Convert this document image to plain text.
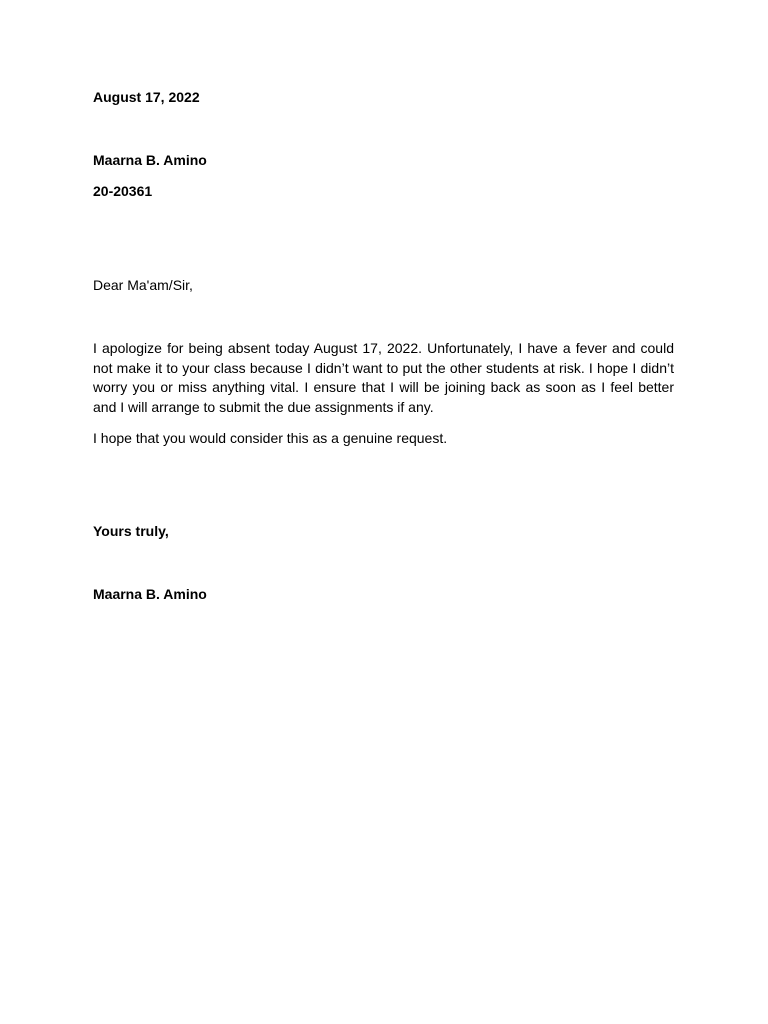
August 17, 2022
Maarna B. Amino
20-20361
Dear Ma'am/Sir,

I apologize for being absent today August 17, 2022. Unfortunately, I have a fever and could not make it to your class because I didn’t want to put the other students at risk. I hope I didn’t worry you or miss anything vital. I ensure that I will be joining back as soon as I feel better and I will arrange to submit the due assignments if any.

I hope that you would consider this as a genuine request.
Yours truly,
Maarna B. Amino
